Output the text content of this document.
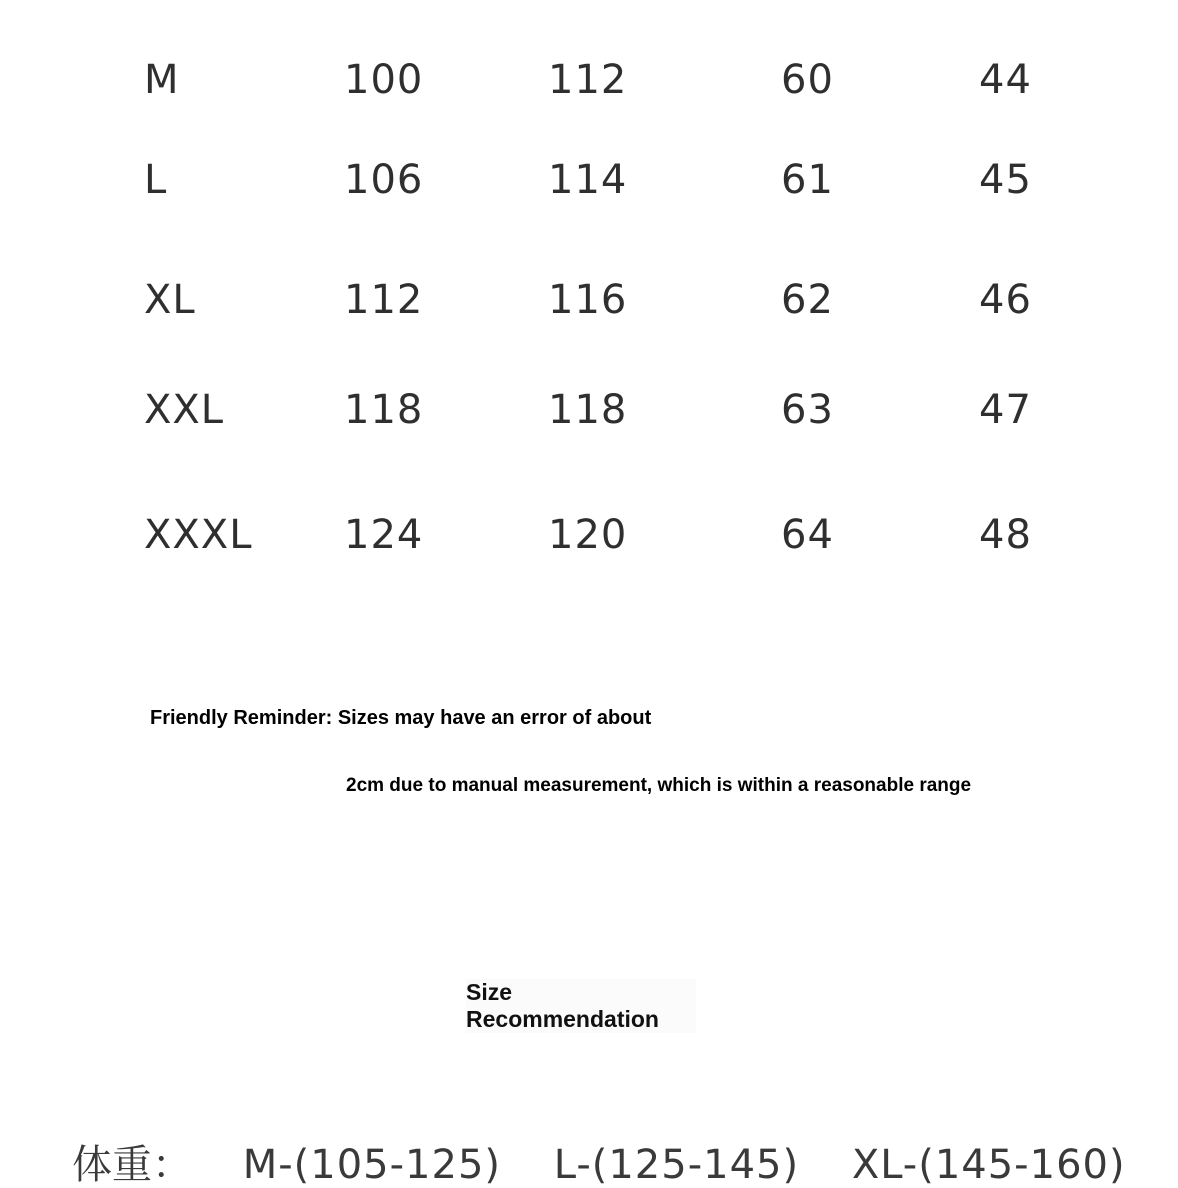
M	100	112	60	44
L	106	114	61	45
XL	112	116	62	46
XXL	118	118	63	47
XXXL 124	120	64	48
Friendly Reminder: Sizes may have an error of about
2cm due to manual measurement, which is within a reasonable range
Size
Recommendation
体重： M-(105-125) L-(125-145) XL-(145-160)
